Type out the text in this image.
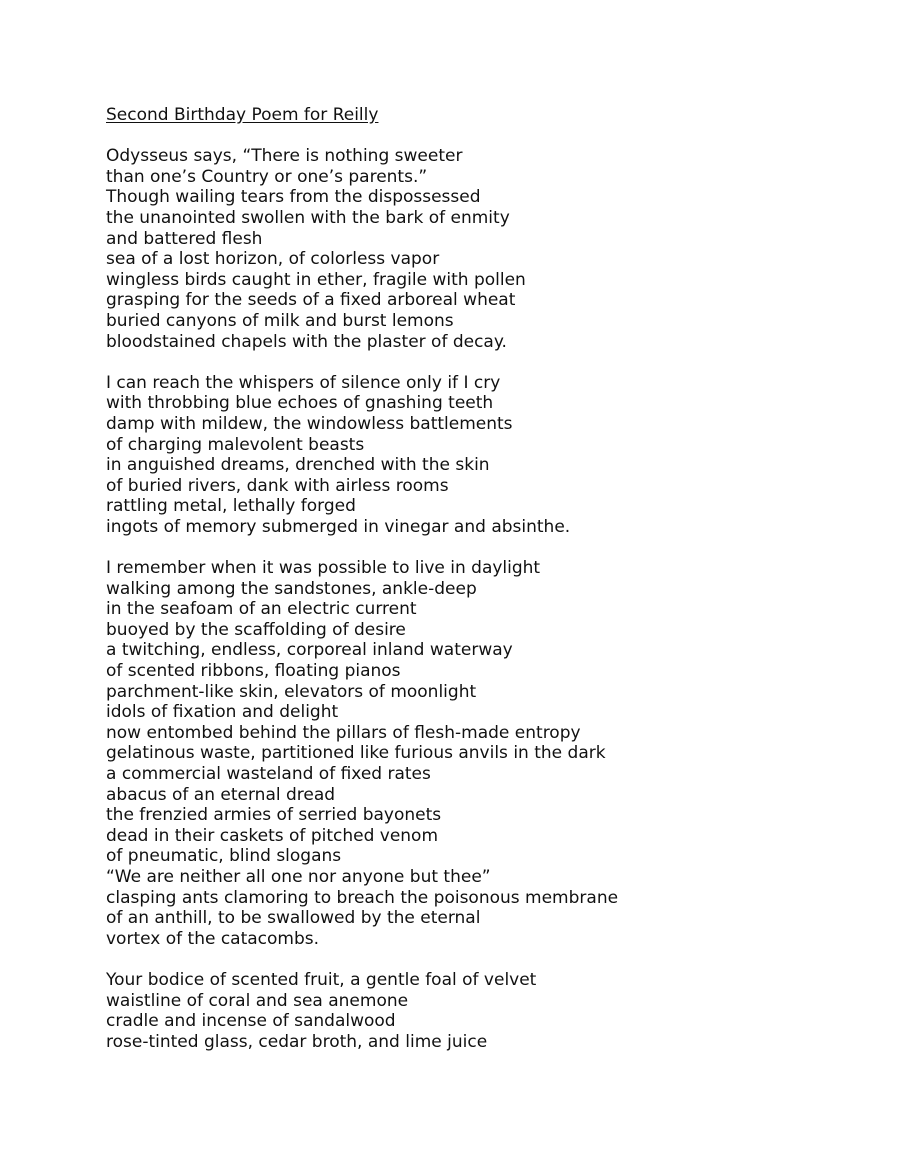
Second Birthday Poem for Reilly
Odysseus says, “There is nothing sweeter
than one’s Country or one’s parents.”
Though wailing tears from the dispossessed
the unanointed swollen with the bark of enmity
and battered flesh
sea of a lost horizon, of colorless vapor
wingless birds caught in ether, fragile with pollen
grasping for the seeds of a fixed arboreal wheat
buried canyons of milk and burst lemons
bloodstained chapels with the plaster of decay.
I can reach the whispers of silence only if I cry
with throbbing blue echoes of gnashing teeth
damp with mildew, the windowless battlements
of charging malevolent beasts
in anguished dreams, drenched with the skin
of buried rivers, dank with airless rooms
rattling metal, lethally forged
ingots of memory submerged in vinegar and absinthe.
I remember when it was possible to live in daylight
walking among the sandstones, ankle-deep
in the seafoam of an electric current
buoyed by the scaffolding of desire
a twitching, endless, corporeal inland waterway
of scented ribbons, floating pianos
parchment-like skin, elevators of moonlight
idols of fixation and delight
now entombed behind the pillars of flesh-made entropy
gelatinous waste, partitioned like furious anvils in the dark
a commercial wasteland of fixed rates
abacus of an eternal dread
the frenzied armies of serried bayonets
dead in their caskets of pitched venom
of pneumatic, blind slogans
“We are neither all one nor anyone but thee”
clasping ants clamoring to breach the poisonous membrane
of an anthill, to be swallowed by the eternal
vortex of the catacombs.
Your bodice of scented fruit, a gentle foal of velvet
waistline of coral and sea anemone
cradle and incense of sandalwood
rose-tinted glass, cedar broth, and lime juice
